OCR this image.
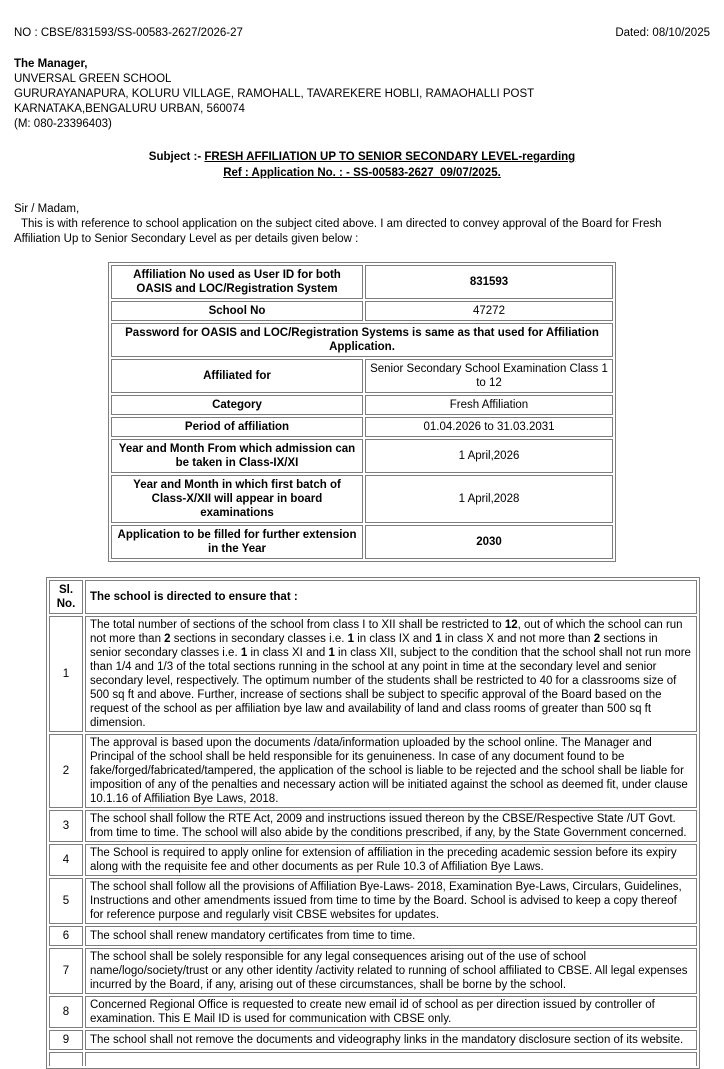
NO : CBSE/831593/SS-00583-2627/2026-27	Dated: 08/10/2025
The Manager,
UNVERSAL GREEN SCHOOL
GURURAYANAPURA, KOLURU VILLAGE, RAMOHALL, TAVAREKERE HOBLI, RAMAOHALLI POST
KARNATAKA,BENGALURU URBAN, 560074
(M: 080-23396403)
Subject :- FRESH AFFILIATION UP TO SENIOR SECONDARY LEVEL-regarding
Ref : Application No. : - SS-00583-2627_09/07/2025.
Sir / Madam,
This is with reference to school application on the subject cited above. I am directed to convey approval of the Board for Fresh Affiliation Up to Senior Secondary Level as per details given below :
Affiliation No used as User ID for both OASIS and LOC/Registration System	831593
School No	47272
Password for OASIS and LOC/Registration Systems is same as that used for Affiliation Application.	
Affiliated for	Senior Secondary School Examination Class 1 to 12
Category	Fresh Affiliation
Period of affiliation	01.04.2026 to 31.03.2031
Year and Month From which admission can be taken in Class-IX/XI	1 April,2026
Year and Month in which first batch of Class-X/XII will appear in board examinations	1 April,2028
Application to be filled for further extension in the Year	2030
Sl. No.	The school is directed to ensure that :
1	The total number of sections of the school from class I to XII shall be restricted to 12, out of which the school can run not more than 2 sections in secondary classes i.e. 1 in class IX and 1 in class X and not more than 2 sections in senior secondary classes i.e. 1 in class XI and 1 in class XII, subject to the condition that the school shall not run more than 1/4 and 1/3 of the total sections running in the school at any point in time at the secondary level and senior secondary level, respectively. The optimum number of the students shall be restricted to 40 for a classrooms size of 500 sq ft and above. Further, increase of sections shall be subject to specific approval of the Board based on the request of the school as per affiliation bye law and availability of land and class rooms of greater than 500 sq ft dimension.
2	The approval is based upon the documents /data/information uploaded by the school online. The Manager and Principal of the school shall be held responsible for its genuineness. In case of any document found to be fake/forged/fabricated/tampered, the application of the school is liable to be rejected and the school shall be liable for imposition of any of the penalties and necessary action will be initiated against the school as deemed fit, under clause 10.1.16 of Affiliation Bye Laws, 2018.
3	The school shall follow the RTE Act, 2009 and instructions issued thereon by the CBSE/Respective State /UT Govt. from time to time. The school will also abide by the conditions prescribed, if any, by the State Government concerned.
4	The School is required to apply online for extension of affiliation in the preceding academic session before its expiry along with the requisite fee and other documents as per Rule 10.3 of Affiliation Bye Laws.
5	The school shall follow all the provisions of Affiliation Bye-Laws- 2018, Examination Bye-Laws, Circulars, Guidelines, Instructions and other amendments issued from time to time by the Board. School is advised to keep a copy thereof for reference purpose and regularly visit CBSE websites for updates.
6	The school shall renew mandatory certificates from time to time.
7	The school shall be solely responsible for any legal consequences arising out of the use of school name/logo/society/trust or any other identity /activity related to running of school affiliated to CBSE. All legal expenses incurred by the Board, if any, arising out of these circumstances, shall be borne by the school.
8	Concerned Regional Office is requested to create new email id of school as per direction issued by controller of examination. This E Mail ID is used for communication with CBSE only.
9	The school shall not remove the documents and videography links in the mandatory disclosure section of its website.
